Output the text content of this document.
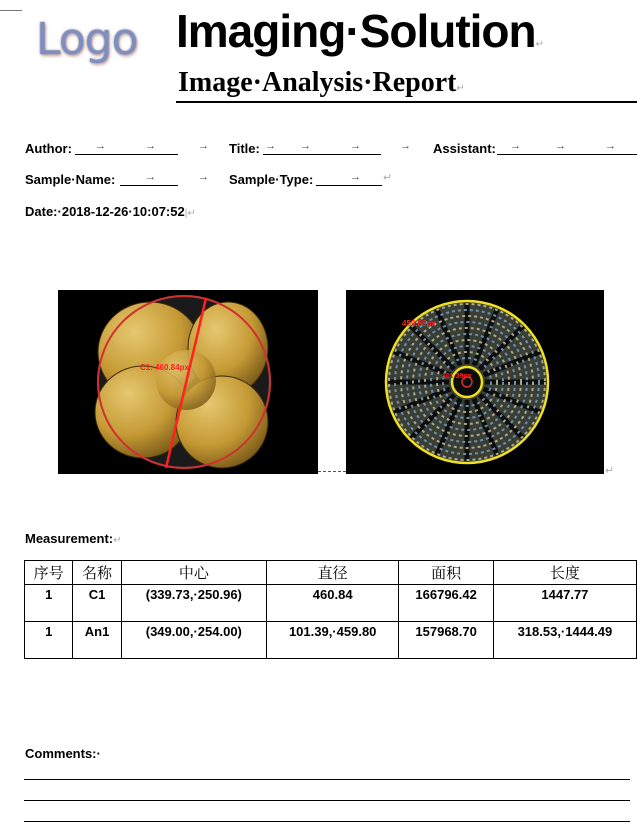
Logo Imaging·Solution↵
Image·Analysis·Report↵
Author: →	→	→ Title: → →	→	→ Assistant: →	→	→
Sample·Name:	→	→ Sample·Type:	→ ↵
Date:·2018-12-26·10:07:52|↵
C1: 460.84px
459.80px
101.39px
↵
Measurement:↵
序号	名称	中心	直径	面积	长度
1	C1	(339.73,·250.96)	460.84	166796.42	1447.77
1	An1	(349.00,·254.00)	101.39,·459.80	157968.70	318.53,·1444.49
Comments:·
